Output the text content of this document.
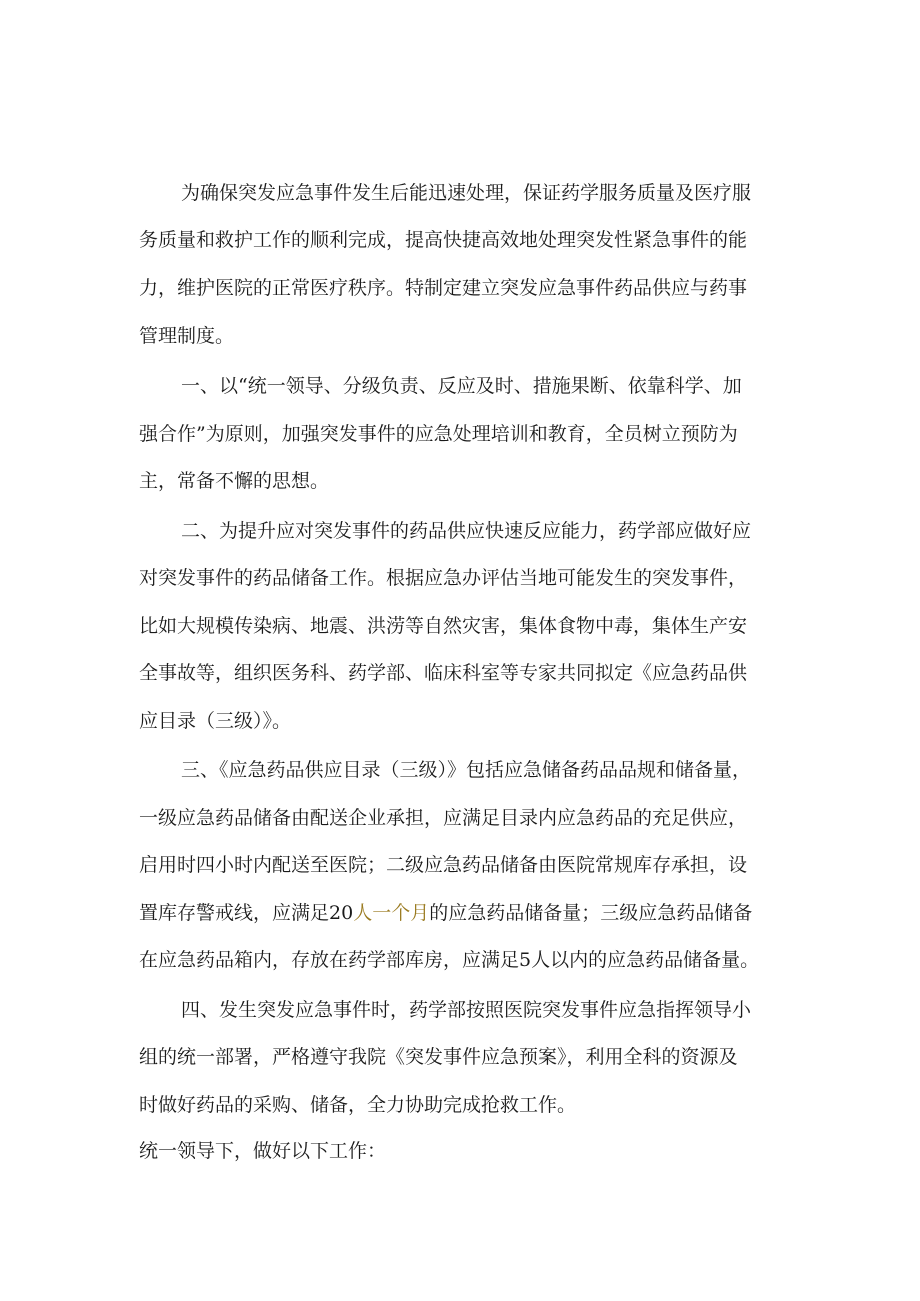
为确保突发应急事件发生后能迅速处理，保证药学服务质量及医疗服
务质量和救护工作的顺利完成，提高快捷高效地处理突发性紧急事件的能
力，维护医院的正常医疗秩序。特制定建立突发应急事件药品供应与药事
管理制度。
一、以“统一领导、分级负责、反应及时、措施果断、依靠科学、加
强合作”为原则，加强突发事件的应急处理培训和教育，全员树立预防为
主，常备不懈的思想。
二、为提升应对突发事件的药品供应快速反应能力，药学部应做好应
对突发事件的药品储备工作。根据应急办评估当地可能发生的突发事件，
比如大规模传染病、地震、洪涝等自然灾害，集体食物中毒，集体生产安
全事故等，组织医务科、药学部、临床科室等专家共同拟定《应急药品供
应目录（三级）》。
三、《应急药品供应目录（三级）》包括应急储备药品品规和储备量，
一级应急药品储备由配送企业承担，应满足目录内应急药品的充足供应，
启用时四小时内配送至医院；二级应急药品储备由医院常规库存承担，设
置库存警戒线，应满足20人一个月的应急药品储备量；三级应急药品储备
在应急药品箱内，存放在药学部库房，应满足5人以内的应急药品储备量。
四、发生突发应急事件时，药学部按照医院突发事件应急指挥领导小
组的统一部署，严格遵守我院《突发事件应急预案》，利用全科的资源及
时做好药品的采购、储备，全力协助完成抢救工作。
统一领导下，做好以下工作：
